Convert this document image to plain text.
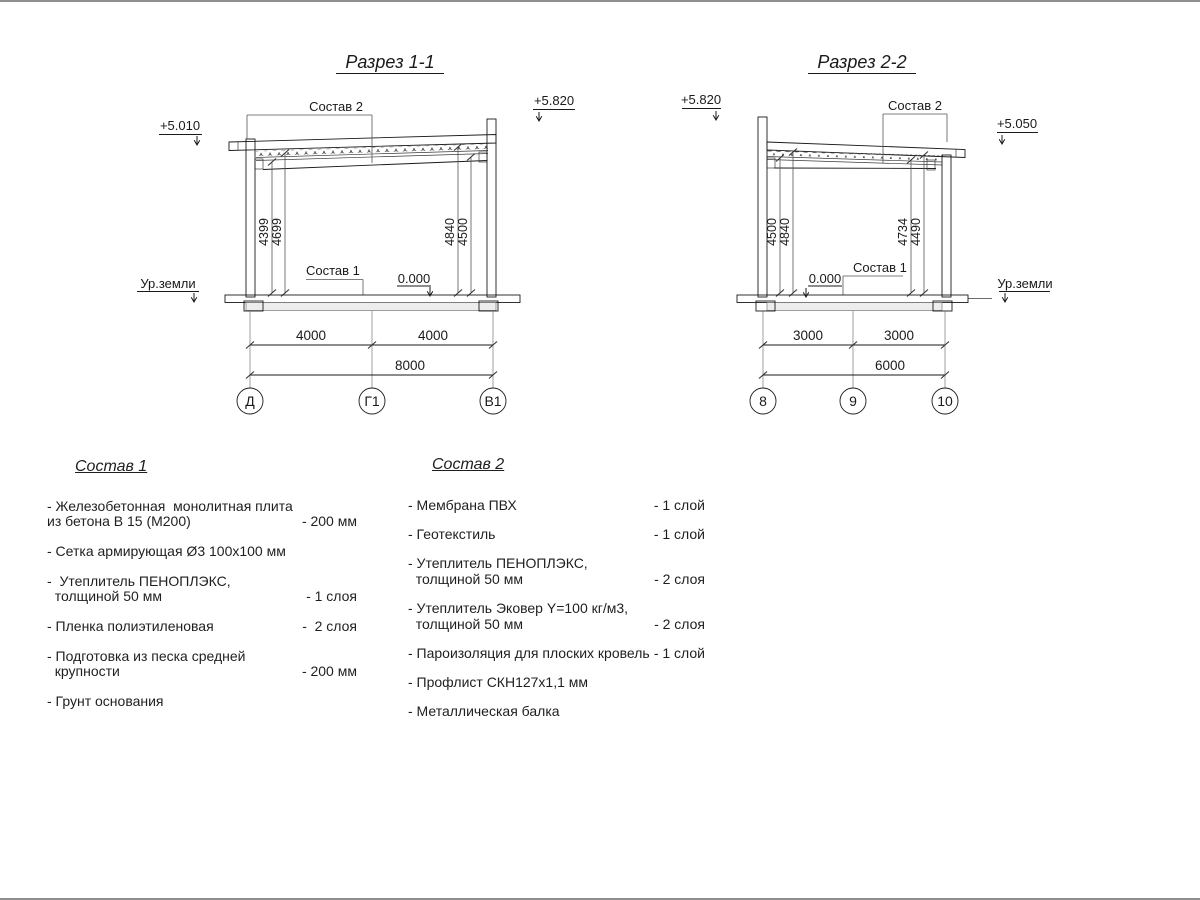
Разрез 1-1
Состав 2
+5.010
+5.820
4399 4699	4840 4500
Состав 1
0.000
Ур.земли
4000	4000
8000
Д	Г1	В1
Разрез 2-2
Состав 2
+5.820
+5.050
4500 4840	4734 4490
0.000
Состав 1
Ур.земли
3000	3000
6000
8	9	10
Состав 1
- Железобетонная  монолитная плита
из бетона В 15 (М200)	- 200 мм
- Сетка армирующая Ø3 100х100 мм
-  Утеплитель ПЕНОПЛЭКС,
толщиной 50 мм	- 1 слоя
- Пленка полиэтиленовая	-  2 слоя
- Подготовка из песка средней
крупности	- 200 мм
- Грунт основания
Состав 2
- Мембрана ПВХ	- 1 слой
- Геотекстиль	- 1 слой
- Утеплитель ПЕНОПЛЭКС,
толщиной 50 мм	- 2 слоя
- Утеплитель Эковер Y=100 кг/м3,
толщиной 50 мм	- 2 слоя
- Пароизоляция для плоских кровель - 1 слой
- Профлист СКН127х1,1 мм
- Металлическая балка
